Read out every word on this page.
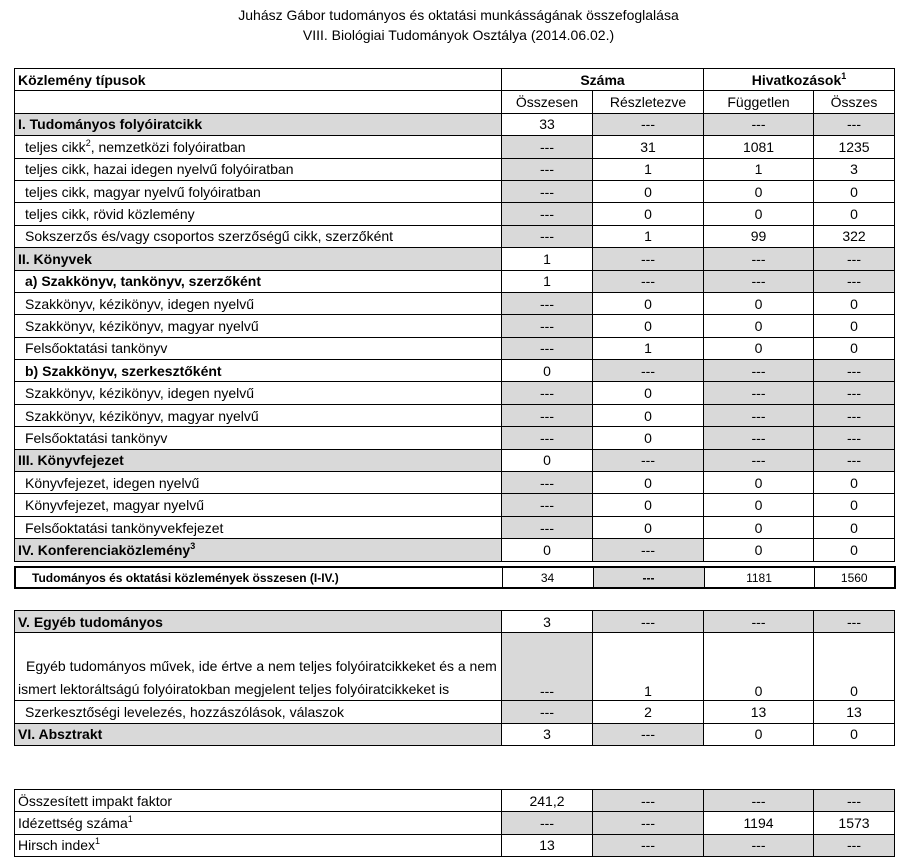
Juhász Gábor tudományos és oktatási munkásságának összefoglalása
VIII. Biológiai Tudományok Osztálya (2014.06.02.)
Közlemény típusok	Száma		Hivatkozások$^1$
	Összesen	Részletezve	Független	Összes
I. Tudományos folyóiratcikk	33	---	---	---
teljes cikk$^2$, nemzetközi folyóiratban	---	31	1081	1235
teljes cikk, hazai idegen nyelvű folyóiratban	---	1	1	3
teljes cikk, magyar nyelvű folyóiratban	---	0	0	0
teljes cikk, rövid közlemény	---	0	0	0
Sokszerzős és/vagy csoportos szerzőségű cikk, szerzőként	---	1	99	322
II. Könyvek	1	---	---	---
a) Szakkönyv, tankönyv, szerzőként	1	---	---	---
Szakkönyv, kézikönyv, idegen nyelvű	---	0	0	0
Szakkönyv, kézikönyv, magyar nyelvű	---	0	0	0
Felsőoktatási tankönyv	---	1	0	0
b) Szakkönyv, szerkesztőként	0	---	---	---
Szakkönyv, kézikönyv, idegen nyelvű	---	0	---	---
Szakkönyv, kézikönyv, magyar nyelvű	---	0	---	---
Felsőoktatási tankönyv	---	0	---	---
III. Könyvfejezet	0	---	---	---
Könyvfejezet, idegen nyelvű	---	0	0	0
Könyvfejezet, magyar nyelvű	---	0	0	0
Felsőoktatási tankönyvekfejezet	---	0	0	0
IV. Konferenciaközlemény$^3$	0	---	0	0
Tudományos és oktatási közlemények összesen (I-IV.)	34	---	1181	1560
V. Egyéb tudományos	3	---	---	---
Egyéb tudományos művek, ide értve a nem teljes folyóiratcikkeket és a nem ismert lektoráltságú folyóiratokban megjelent teljes folyóiratcikkeket is	---	1	0	0
Szerkesztőségi levelezés, hozzászólások, válaszok	---	2	13	13
VI. Absztrakt	3	---	0	0
Összesített impakt faktor	241,2	---	---	---
Idézettség száma$^1$	---	---	1194	1573
Hirsch index$^1$	13	---	---	---
